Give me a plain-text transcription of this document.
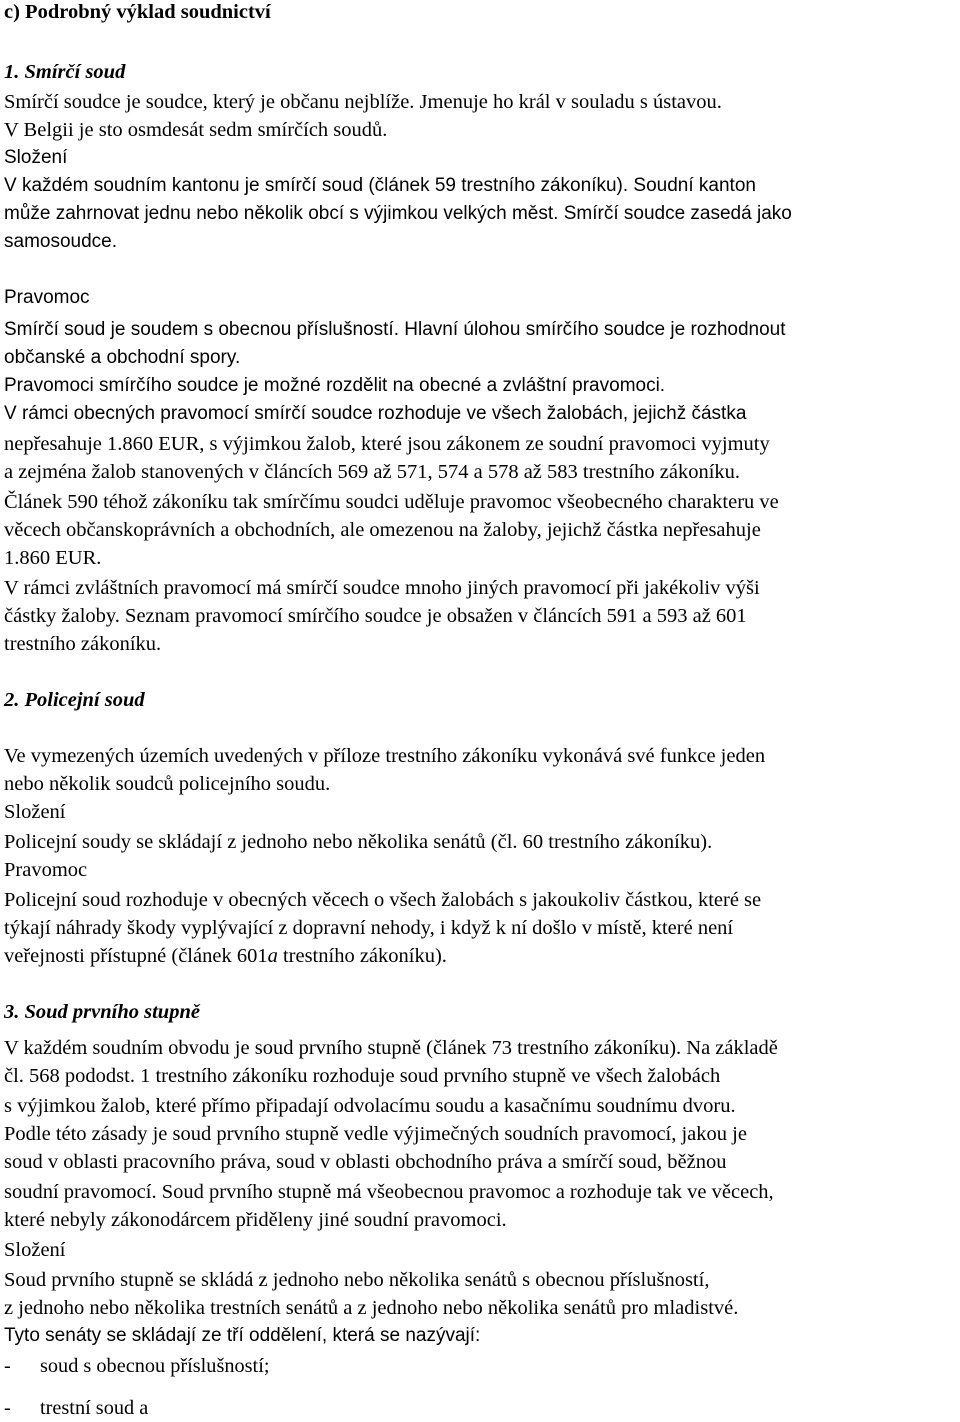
c) Podrobný výklad soudnictví

1. Smírčí soud

Smírčí soudce je soudce, který je občanu nejblíže. Jmenuje ho král v souladu s ústavou.

V Belgii je sto osmdesát sedm smírčích soudů.

Složení

V každém soudním kantonu je smírčí soud (článek 59 trestního zákoníku). Soudní kanton

může zahrnovat jednu nebo několik obcí s výjimkou velkých měst. Smírčí soudce zasedá jako

samosoudce.

Pravomoc

Smírčí soud je soudem s obecnou příslušností. Hlavní úlohou smírčího soudce je rozhodnout

občanské a obchodní spory.

Pravomoci smírčího soudce je možné rozdělit na obecné a zvláštní pravomoci.

V rámci obecných pravomocí smírčí soudce rozhoduje ve všech žalobách, jejichž částka

nepřesahuje 1.860 EUR, s výjimkou žalob, které jsou zákonem ze soudní pravomoci vyjmuty

a zejména žalob stanovených v článcích 569 až 571, 574 a 578 až 583 trestního zákoníku.

Článek 590 téhož zákoníku tak smírčímu soudci uděluje pravomoc všeobecného charakteru ve

věcech občanskoprávních a obchodních, ale omezenou na žaloby, jejichž částka nepřesahuje

1.860 EUR.

V rámci zvláštních pravomocí má smírčí soudce mnoho jiných pravomocí při jakékoliv výši

částky žaloby. Seznam pravomocí smírčího soudce je obsažen v článcích 591 a 593 až 601

trestního zákoníku.

2. Policejní soud

Ve vymezených územích uvedených v příloze trestního zákoníku vykonává své funkce jeden

nebo několik soudců policejního soudu.

Složení

Policejní soudy se skládají z jednoho nebo několika senátů (čl. 60 trestního zákoníku).

Pravomoc

Policejní soud rozhoduje v obecných věcech o všech žalobách s jakoukoliv částkou, které se

týkají náhrady škody vyplývající z dopravní nehody, i když k ní došlo v místě, které není

veřejnosti přístupné (článek 601a trestního zákoníku).

3. Soud prvního stupně

V každém soudním obvodu je soud prvního stupně (článek 73 trestního zákoníku). Na základě

čl. 568 pododst. 1 trestního zákoníku rozhoduje soud prvního stupně ve všech žalobách

s výjimkou žalob, které přímo připadají odvolacímu soudu a kasačnímu soudnímu dvoru.

Podle této zásady je soud prvního stupně vedle výjimečných soudních pravomocí, jakou je

soud v oblasti pracovního práva, soud v oblasti obchodního práva a smírčí soud, běžnou

soudní pravomocí. Soud prvního stupně má všeobecnou pravomoc a rozhoduje tak ve věcech,

které nebyly zákonodárcem přiděleny jiné soudní pravomoci.

Složení

Soud prvního stupně se skládá z jednoho nebo několika senátů s obecnou příslušností,

z jednoho nebo několika trestních senátů a z jednoho nebo několika senátů pro mladistvé.

Tyto senáty se skládají ze tří oddělení, která se nazývají:

- soud s obecnou příslušností;

- trestní soud a
